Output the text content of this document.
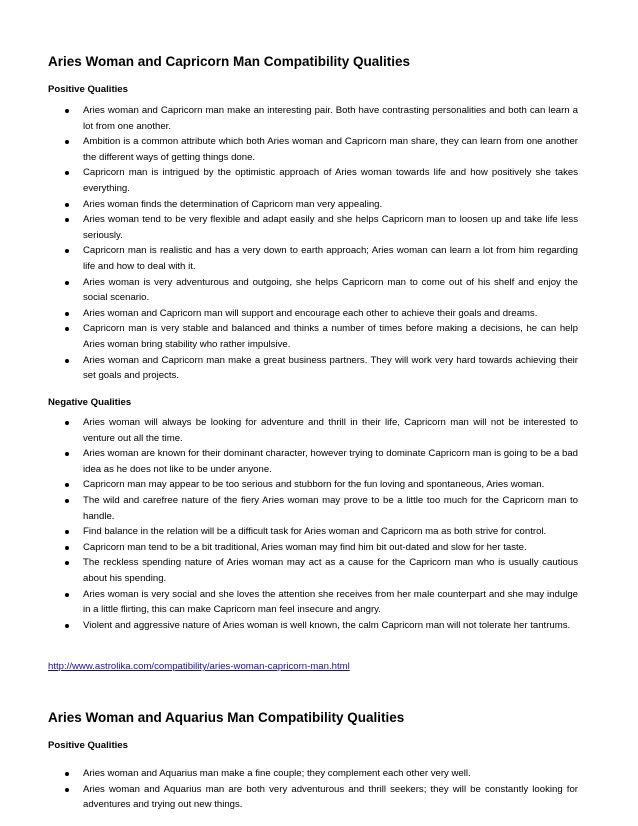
Aries Woman and Capricorn Man Compatibility Qualities
Positive Qualities
Aries woman and Capricorn man make an interesting pair. Both have contrasting personalities and both can learn a lot from one another.
Ambition is a common attribute which both Aries woman and Capricorn man share, they can learn from one another the different ways of getting things done.
Capricorn man is intrigued by the optimistic approach of Aries woman towards life and how positively she takes everything.
Aries woman finds the determination of Capricorn man very appealing.
Aries woman tend to be very flexible and adapt easily and she helps Capricorn man to loosen up and take life less seriously.
Capricorn man is realistic and has a very down to earth approach; Aries woman can learn a lot from him regarding life and how to deal with it.
Aries woman is very adventurous and outgoing, she helps Capricorn man to come out of his shelf and enjoy the social scenario.
Aries woman and Capricorn man will support and encourage each other to achieve their goals and dreams.
Capricorn man is very stable and balanced and thinks a number of times before making a decisions, he can help Aries woman bring stability who rather impulsive.
Aries woman and Capricorn man make a great business partners. They will work very hard towards achieving their set goals and projects.
Negative Qualities
Aries woman will always be looking for adventure and thrill in their life, Capricorn man will not be interested to venture out all the time.
Aries woman are known for their dominant character, however trying to dominate Capricorn man is going to be a bad idea as he does not like to be under anyone.
Capricorn man may appear to be too serious and stubborn for the fun loving and spontaneous, Aries woman.
The wild and carefree nature of the fiery Aries woman may prove to be a little too much for the Capricorn man to handle.
Find balance in the relation will be a difficult task for Aries woman and Capricorn ma as both strive for control.
Capricorn man tend to be a bit traditional, Aries woman may find him bit out-dated and slow for her taste.
The reckless spending nature of Aries woman may act as a cause for the Capricorn man who is usually cautious about his spending.
Aries woman is very social and she loves the attention she receives from her male counterpart and she may indulge in a little flirting, this can make Capricorn man feel insecure and angry.
Violent and aggressive nature of Aries woman is well known, the calm Capricorn man will not tolerate her tantrums.
http://www.astrolika.com/compatibility/aries-woman-capricorn-man.html
Aries Woman and Aquarius Man Compatibility Qualities
Positive Qualities
Aries woman and Aquarius man make a fine couple; they complement each other very well.
Aries woman and Aquarius man are both very adventurous and thrill seekers; they will be constantly looking for adventures and trying out new things.
